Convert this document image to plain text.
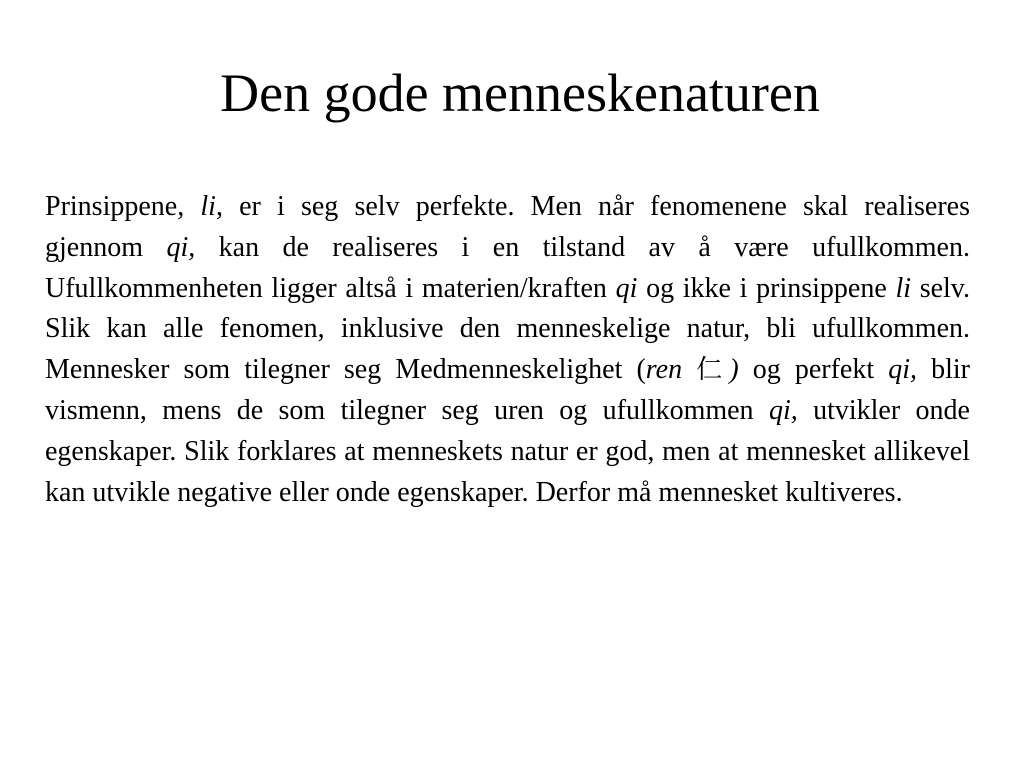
Den gode menneskenaturen

Prinsippene, li, er i seg selv perfekte. Men når fenomenene skal realiseres gjennom qi, kan de realiseres i en tilstand av å være ufullkommen. Ufullkommenheten ligger altså i materien/kraften qi og ikke i prinsippene li selv. Slik kan alle fenomen, inklusive den menneskelige natur, bli ufullkommen. Mennesker som tilegner seg Medmenneskelighet (ren 仁) og perfekt qi, blir vismenn, mens de som tilegner seg uren og ufullkommen qi, utvikler onde egenskaper. Slik forklares at menneskets natur er god, men at mennesket allikevel kan utvikle negative eller onde egenskaper. Derfor må mennesket kultiveres.
